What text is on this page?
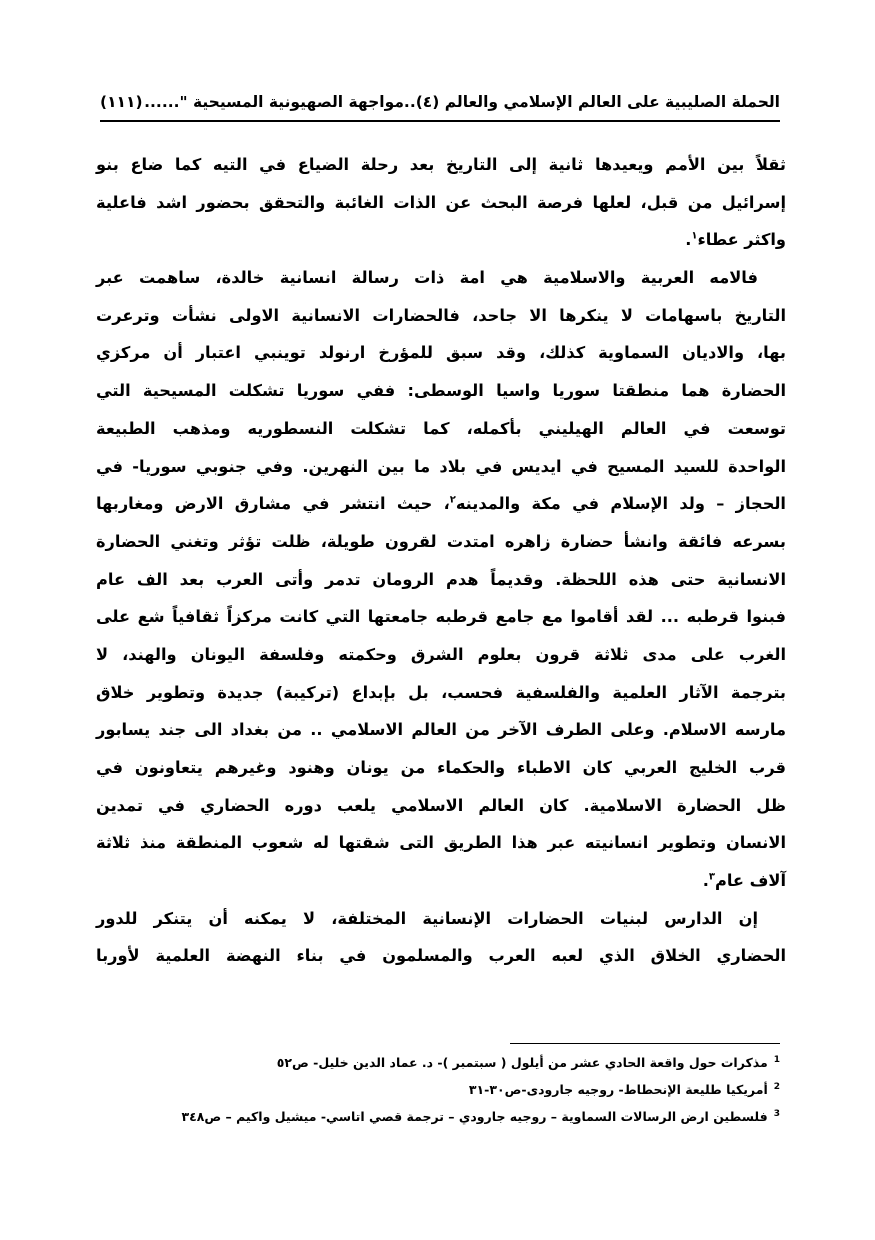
الحملة الصليبية على العالم الإسلامي والعالم (٤)..مواجهة الصهيونية المسيحية "......
(١١١)
ثقلاً بين الأمم ويعيدها ثانية إلى التاريخ بعد رحلة الضياع في التيه كما ضاع بنو
إسرائيل من قبل، لعلها فرصة البحث عن الذات الغائبة والتحقق بحضور اشد فاعلية
واكثر عطاء$^١$.
فالامه العربية والاسلامية هي امة ذات رسالة انسانية خالدة، ساهمت عبر
التاريخ باسهامات لا ينكرها الا جاحد، فالحضارات الانسانية الاولى نشأت وترعرت
بها، والاديان السماوية كذلك، وقد سبق للمؤرخ ارنولد توينبي اعتبار أن مركزي
الحضارة هما منطقتا سوريا واسيا الوسطى: ففي سوريا تشكلت المسيحية التي
توسعت في العالم الهيليني بأكمله، كما تشكلت النسطوريه ومذهب الطبيعة
الواحدة للسيد المسيح في ايديس في بلاد ما بين النهرين. وفي جنوبي سوريا- في
الحجاز – ولد الإسلام في مكة والمدينه$^٢$، حيث انتشر في مشارق الارض ومغاربها
بسرعه فائقة وانشأ حضارة زاهره امتدت لقرون طويلة، ظلت تؤثر وتغني الحضارة
الانسانية حتى هذه اللحظة. وقديماً هدم الرومان تدمر وأتى العرب بعد الف عام
فبنوا قرطبه ... لقد أقاموا مع جامع قرطبه جامعتها التي كانت مركزاً ثقافياً شع على
الغرب على مدى ثلاثة قرون بعلوم الشرق وحكمته وفلسفة اليونان والهند، لا
بترجمة الآثار العلمية والفلسفية فحسب، بل بإبداع (تركيبة) جديدة وتطوير خلاق
مارسه الاسلام. وعلى الطرف الآخر من العالم الاسلامي .. من بغداد الى جند يسابور
قرب الخليج العربي كان الاطباء والحكماء من يونان وهنود وغيرهم يتعاونون في
ظل الحضارة الاسلامية. كان العالم الاسلامي يلعب دوره الحضاري في تمدين
الانسان وتطوير انسانيته عبر هذا الطريق التى شقتها له شعوب المنطقة منذ ثلاثة
آلاف عام$^٣$.
إن الدارس لبنيات الحضارات الإنسانية المختلفة، لا يمكنه أن يتنكر للدور
الحضاري الخلاق الذي لعبه العرب والمسلمون في بناء النهضة العلمية لأوربا
$^1$مذكرات حول واقعة الحادي عشر من أيلول ( سبتمبر )- د. عماد الدين خليل- ص٥٢
$^2$أمريكيا طليعة الإنحطاط- روجيه جارودى-ص٣٠-٣١
$^3$فلسطين ارض الرسالات السماوية – روجيه جارودي – ترجمة قصي اتاسي- ميشيل واكيم – ص٣٤٨
